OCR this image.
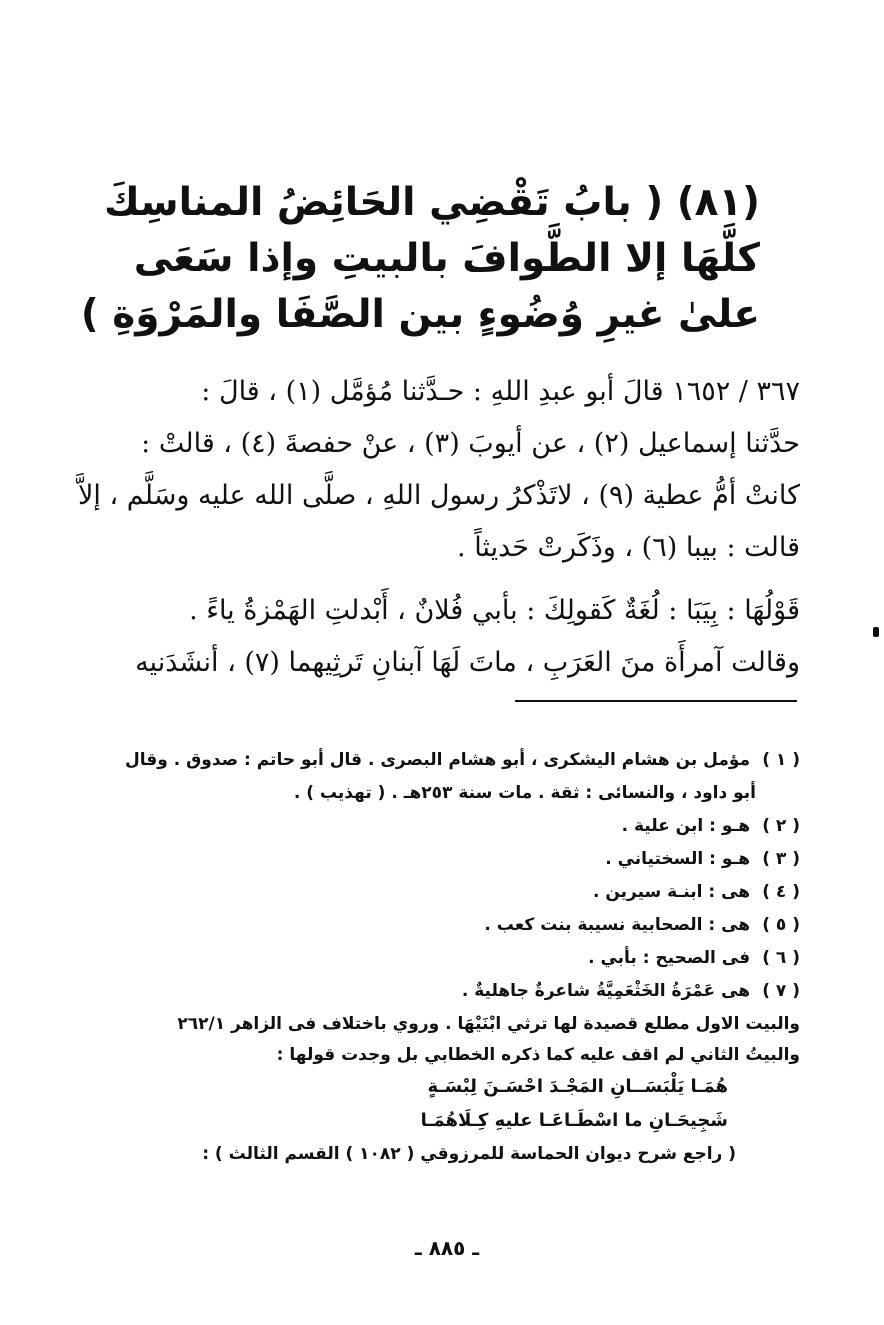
(٨١) ( بابُ تَقْضِي الحَائِضُ المناسِكَ
كلَّهَا إلا الطَّوافَ بالبيتِ وإذا سَعَى
علىٰ غيرِ وُضُوءٍ بين الصَّفَا والمَرْوَةِ )
٣٦٧ / ١٦٥٢ قالَ أبو عبدِ اللهِ : حـدَّثنا مُؤمَّل (١) ، قالَ :
حدَّثنا إسماعيل (٢) ، عن أيوبَ (٣) ، عنْ حفصةَ (٤) ، قالتْ :
كانتْ أمُّ عطية (٩) ، لاتَذْكرُ رسول اللهِ ، صلَّى الله عليه وسَلَّم ، إلاَّ
قالت : بيبا (٦) ، وذَكَرتْ حَديثاً .
قَوْلُهَا : بِيَبَا : لُغَةٌ كَقولِكَ : بأبي فُلانٌ ، أَبْدلتِ الهَمْزةُ ياءً .
وقالت آمرأَة منَ العَرَبِ ، ماتَ لَهَا آبنانِ تَرثِيهما (٧) ، أنشَدَنيه
( ١ ) مؤمل بن هشام اليشكرى ، أبو هشام البصرى . قال أبو حاتم : صدوق . وقال
أبو داود ، والنسائى : ثقة . مات سنة ٢٥٣هـ . ( تهذيب ) .
( ٢ ) هـو : ابن علية .
( ٣ ) هـو : السختياني .
( ٤ ) هى : ابنـة سيرين .
( ٥ ) هى : الصحابية نسيبة بنت كعب .
( ٦ ) فى الصحيح : بأبي .
( ٧ ) هى عَمْرَةُ الخَثْعَمِيَّةُ شاعرةٌ جاهليةٌ .
والبيت الاول مطلع قصيدة لها ترثي ابْنَيْهَا . وروي باختلاف فى الزاهر ٢٦٢/١
والبيتُ الثاني لم اقف عليه كما ذكره الخطابي بل وجدت قولها :
هُمَـا يَلْبَسَــانِ المَجْـدَ احْسَـنَ لِبْسَـةٍ
شَجِيحَـانِ ما اسْطَـاعَـا عليهِ كِـلَاهُمَـا
( راجع شرح ديوان الحماسة للمرزوقي ( ١٠٨٢ ) القسم الثالث ) :
ـ ٨٨٥ ـ
